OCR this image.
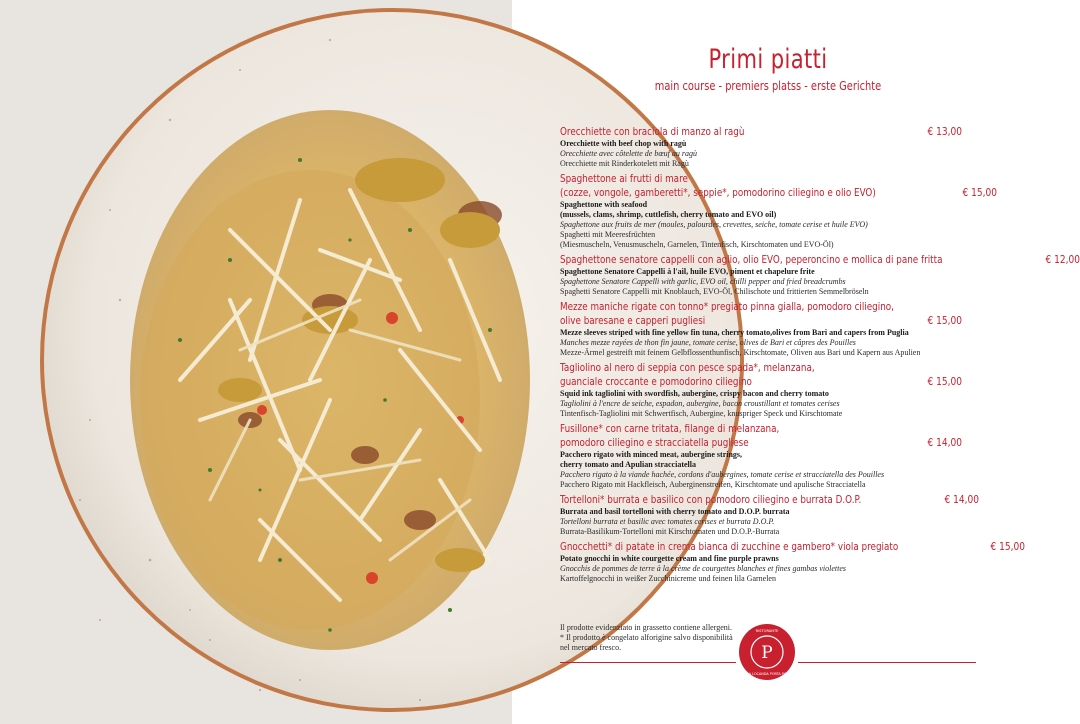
Primi piatti
main course - premiers platss - erste Gerichte
Orecchiette con braciola di manzo al ragù	€ 13,00
Orecchiette with beef chop with ragù
Orecchiette avec côtelette de bœuf au ragù
Orecchiette mit Rinderkotelett mit Ragù
Spaghettone ai frutti di mare
(cozze, vongole, gamberetti*, seppie*, pomodorino ciliegino e olio EVO)	€ 15,00
Spaghettone with seafood
(mussels, clams, shrimp, cuttlefish, cherry tomato and EVO oil)
Spaghettone aux fruits de mer (moules, palourdes, crevettes, seiche, tomate cerise et huile EVO)
Spaghetti mit Meeresfrüchten
(Miesmuscheln, Venusmuscheln, Garnelen, Tintenfisch, Kirschtomaten und EVO-Öl)
Spaghettone senatore cappelli con aglio, olio EVO, peperoncino e mollica di pane fritta	€ 12,00
Spaghettone Senatore Cappelli à l'ail, huile EVO, piment et chapelure frite
Spaghettone Senatore Cappelli with garlic, EVO oil, chilli pepper and fried breadcrumbs
Spaghetti Senatore Cappelli mit Knoblauch, EVO-Öl, Chilischote und frittierten Semmelbröseln
Mezze maniche rigate con tonno* pregiato pinna gialla, pomodoro ciliegino,
olive baresane e capperi pugliesi	€ 15,00
Mezze sleeves striped with fine yellow fin tuna, cherry tomato,olives from Bari and capers from Puglia
Manches mezze rayées de thon fin jaune, tomate cerise, olives de Bari et câpres des Pouilles
Mezze-Ärmel gestreift mit feinem Gelbflossenthunfisch, Kirschtomate, Oliven aus Bari und Kapern aus Apulien
Tagliolino al nero di seppia con pesce spada*, melanzana,
guanciale croccante e pomodorino ciliegino	€ 15,00
Squid ink tagliolini with swordfish, aubergine, crispy bacon and cherry tomato
Tagliolini à l'encre de seiche, espadon, aubergine, bacon croustillant et tomates cerises
Tintenfisch-Tagliolini mit Schwertfisch, Aubergine, knuspriger Speck und Kirschtomate
Fusillone* con carne tritata, filange di melanzana,
pomodoro ciliegino e stracciatella pugliese	€ 14,00
Pacchero rigato with minced meat, aubergine strings,
cherry tomato and Apulian stracciatella
Pacchero rigato à la viande hachée, cordons d'aubergines, tomate cerise et stracciatella des Pouilles
Pacchero Rigato mit Hackfleisch, Auberginenstreifen, Kirschtomate und apulische Stracciatella
Tortelloni* burrata e basilico con pomodoro ciliegino e burrata D.O.P.	€ 14,00
Burrata and basil tortelloni with cherry tomato and D.O.P. burrata
Tortelloni burrata et basilic avec tomates cerises et burrata D.O.P.
Burrata-Basilikum-Tortelloni mit Kirschtomaten und D.O.P.-Burrata
Gnocchetti* di patate in crema bianca di zucchine e gambero* viola pregiato	€ 15,00
Potato gnocchi in white courgette cream and fine purple prawns
Gnocchis de pommes de terre à la crème de courgettes blanches et fines gambas violettes
Kartoffelgnocchi in weißer Zucchinicreme und feinen lila Garnelen
Il prodotte evidenziato in grassetto contiene allergeni.
* Il prodotto è congelato alforigine salvo disponibilità
nel mercato fresco.	P
RISTORANTE
LA LOCANDA PORTA PIA
